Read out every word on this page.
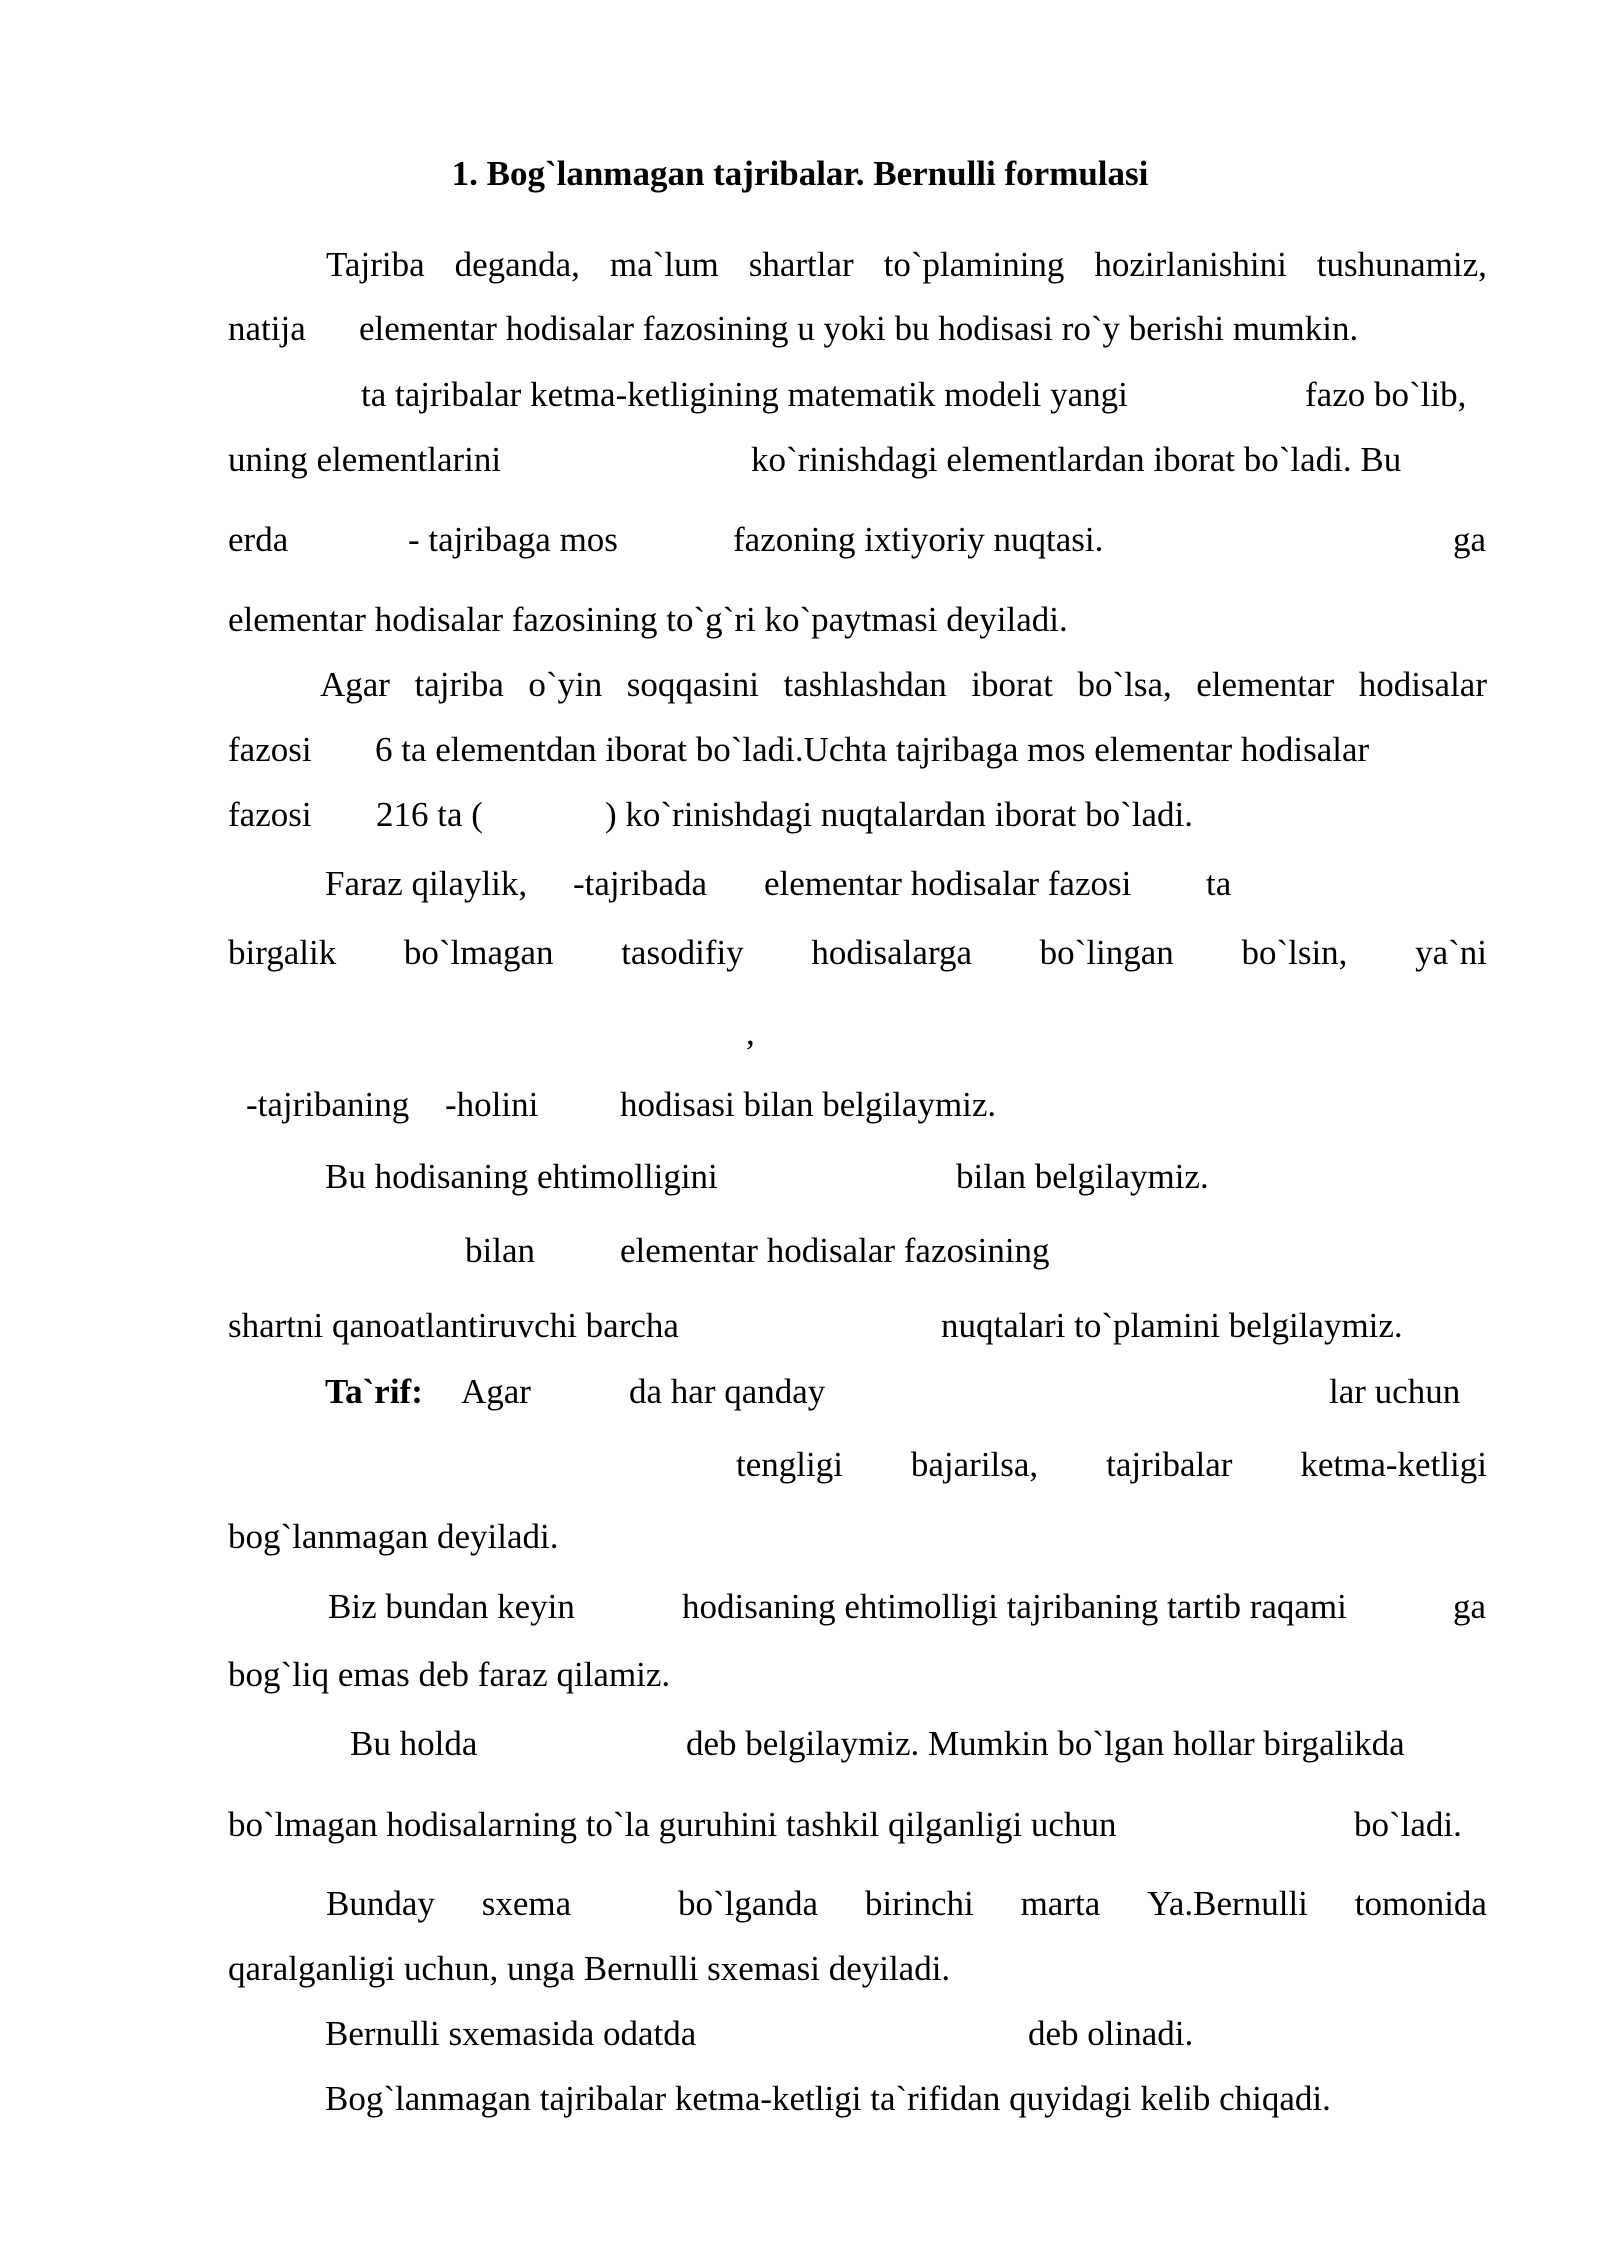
1. Bog`lanmagan tajribalar. Bernulli formulasi
Tajriba deganda, ma`lum shartlar to`plamining hozirlanishini tushunamiz,
natija elementar hodisalar fazosining u yoki bu hodisasi ro`y berishi mumkin.
ta tajribalar ketma-ketligining matematik modeli yangi	fazo bo`lib,
uning elementlarini	ko`rinishdagi elementlardan iborat bo`ladi. Bu
erda	- tajribaga mos	fazoning ixtiyoriy nuqtasi.	ga
elementar hodisalar fazosining to`g`ri ko`paytmasi deyiladi.
Agar tajriba o`yin soqqasini tashlashdan iborat bo`lsa, elementar hodisalar
fazosi 6 ta elementdan iborat bo`ladi.Uchta tajribaga mos elementar hodisalar
fazosi 216 ta (	) ko`rinishdagi nuqtalardan iborat bo`ladi.
Faraz qilaylik, -tajribada elementar hodisalar fazosi ta
birgalik bo`lmagan tasodifiy hodisalarga bo`lingan bo`lsin, ya`ni
,
-tajribaning -holini hodisasi bilan belgilaymiz.
Bu hodisaning ehtimolligini	bilan belgilaymiz.
bilan elementar hodisalar fazosining
shartni qanoatlantiruvchi barcha	nuqtalari to`plamini belgilaymiz.
Ta`rif: Agar	da har qanday	lar uchun
tengligi bajarilsa, tajribalar ketma-ketligi
bog`lanmagan deyiladi.
Biz bundan keyin	hodisaning ehtimolligi tajribaning tartib raqami	ga
bog`liq emas deb faraz qilamiz.
Bu holda	deb belgilaymiz. Mumkin bo`lgan hollar birgalikda
bo`lmagan hodisalarning to`la guruhini tashkil qilganligi uchun	bo`ladi.
Bunday sxema	bo`lganda birinchi marta Ya.Bernulli tomonida
qaralganligi uchun, unga Bernulli sxemasi deyiladi.
Bernulli sxemasida odatda	deb olinadi.
Bog`lanmagan tajribalar ketma-ketligi ta`rifidan quyidagi kelib chiqadi.
